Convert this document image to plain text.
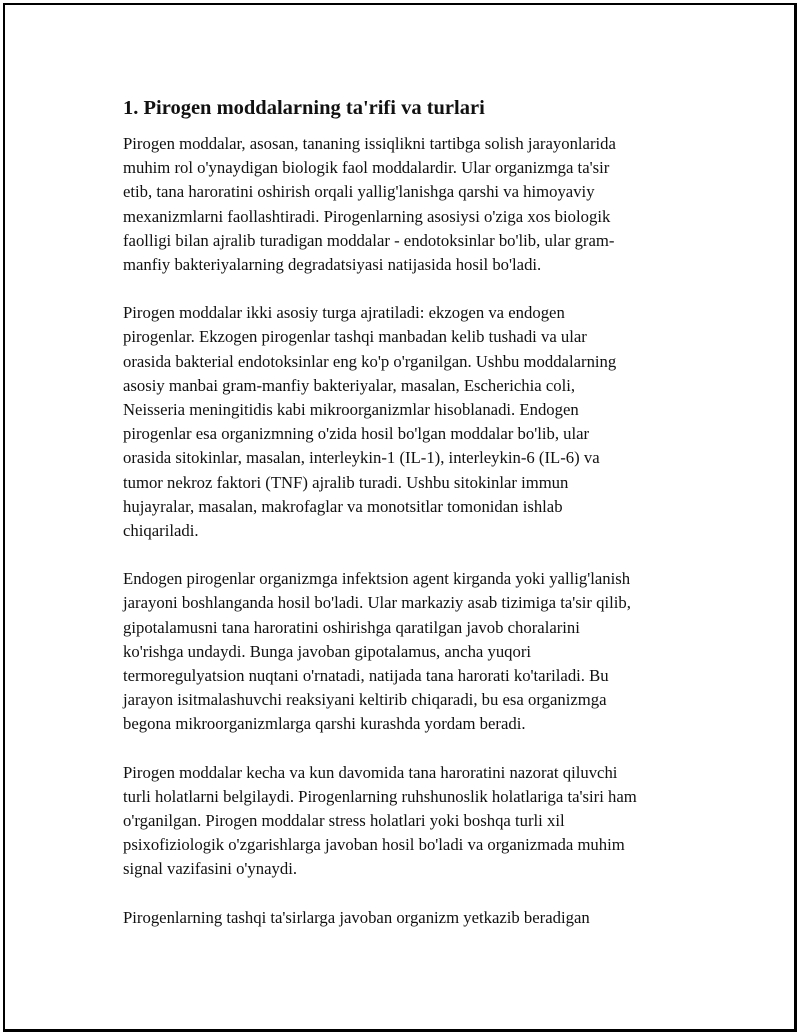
1. Pirogen moddalarning ta'rifi va turlari

Pirogen moddalar, asosan, tananing issiqlikni tartibga solish jarayonlarida
muhim rol o'ynaydigan biologik faol moddalardir. Ular organizmga ta'sir
etib, tana haroratini oshirish orqali yallig'lanishga qarshi va himoyaviy
mexanizmlarni faollashtiradi. Pirogenlarning asosiysi o'ziga xos biologik
faolligi bilan ajralib turadigan moddalar - endotoksinlar bo'lib, ular gram-
manfiy bakteriyalarning degradatsiyasi natijasida hosil bo'ladi.

Pirogen moddalar ikki asosiy turga ajratiladi: ekzogen va endogen
pirogenlar. Ekzogen pirogenlar tashqi manbadan kelib tushadi va ular
orasida bakterial endotoksinlar eng ko'p o'rganilgan. Ushbu moddalarning
asosiy manbai gram-manfiy bakteriyalar, masalan, Escherichia coli,
Neisseria meningitidis kabi mikroorganizmlar hisoblanadi. Endogen
pirogenlar esa organizmning o'zida hosil bo'lgan moddalar bo'lib, ular
orasida sitokinlar, masalan, interleykin-1 (IL-1), interleykin-6 (IL-6) va
tumor nekroz faktori (TNF) ajralib turadi. Ushbu sitokinlar immun
hujayralar, masalan, makrofaglar va monotsitlar tomonidan ishlab
chiqariladi.

Endogen pirogenlar organizmga infektsion agent kirganda yoki yallig'lanish
jarayoni boshlanganda hosil bo'ladi. Ular markaziy asab tizimiga ta'sir qilib,
gipotalamusni tana haroratini oshirishga qaratilgan javob choralarini
ko'rishga undaydi. Bunga javoban gipotalamus, ancha yuqori
termoregulyatsion nuqtani o'rnatadi, natijada tana harorati ko'tariladi. Bu
jarayon isitmalashuvchi reaksiyani keltirib chiqaradi, bu esa organizmga
begona mikroorganizmlarga qarshi kurashda yordam beradi.

Pirogen moddalar kecha va kun davomida tana haroratini nazorat qiluvchi
turli holatlarni belgilaydi. Pirogenlarning ruhshunoslik holatlariga ta'siri ham
o'rganilgan. Pirogen moddalar stress holatlari yoki boshqa turli xil
psixofiziologik o'zgarishlarga javoban hosil bo'ladi va organizmada muhim
signal vazifasini o'ynaydi.

Pirogenlarning tashqi ta'sirlarga javoban organizm yetkazib beradigan
